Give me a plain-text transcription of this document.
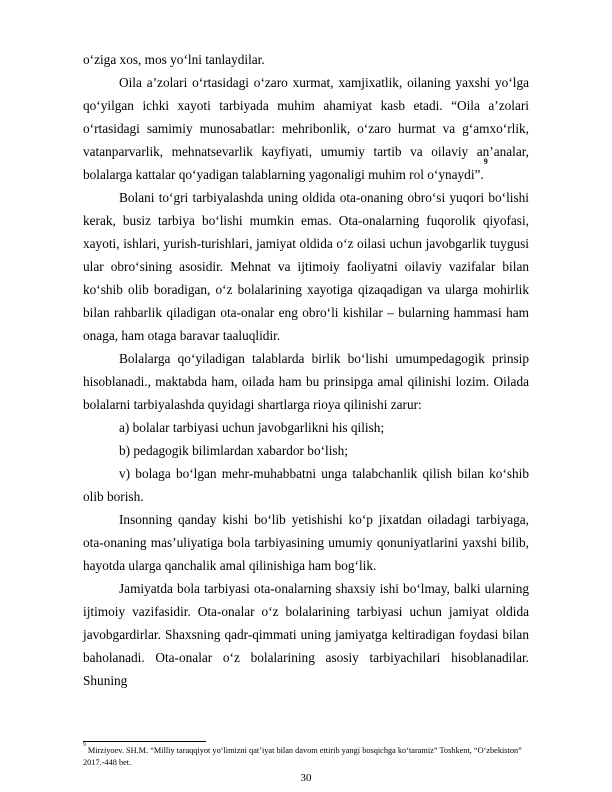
o‘ziga xos, mos yo‘lni tanlaydilar.

Oila a’zolari o‘rtasidagi o‘zaro xurmat, xamjixatlik, oilaning yaxshi yo‘lga qo‘yilgan ichki xayoti tarbiyada muhim ahamiyat kasb etadi. “Oila a’zolari o‘rtasidagi samimiy munosabatlar: mehribonlik, o‘zaro hurmat va g‘amxo‘rlik, vatanparvarlik, mehnatsevarlik kayfiyati, umumiy tartib va oilaviy an’analar, bolalarga kattalar qo‘yadigan talablarning yagonaligi muhim rol o‘ynaydi”.$^9$

Bolani to‘gri tarbiyalashda uning oldida ota-onaning obro‘si yuqori bo‘lishi kerak, busiz tarbiya bo‘lishi mumkin emas. Ota-onalarning fuqorolik qiyofasi, xayoti, ishlari, yurish-turishlari, jamiyat oldida o‘z oilasi uchun javobgarlik tuygusi ular obro‘sining asosidir. Mehnat va ijtimoiy faoliyatni oilaviy vazifalar bilan ko‘shib olib boradigan, o‘z bolalarining xayotiga qizaqadigan va ularga mohirlik bilan rahbarlik qiladigan ota-onalar eng obro‘li kishilar – bularning hammasi ham onaga, ham otaga baravar taaluqlidir.

Bolalarga qo‘yiladigan talablarda birlik bo‘lishi umumpedagogik prinsip hisoblanadi., maktabda ham, oilada ham bu prinsipga amal qilinishi lozim. Oilada bolalarni tarbiyalashda quyidagi shartlarga rioya qilinishi zarur:

a) bolalar tarbiyasi uchun javobgarlikni his qilish;

b) pedagogik bilimlardan xabardor bo‘lish;

v) bolaga bo‘lgan mehr-muhabbatni unga talabchanlik qilish bilan ko‘shib olib borish.

Insonning qanday kishi bo‘lib yetishishi ko‘p jixatdan oiladagi tarbiyaga, ota-onaning mas’uliyatiga bola tarbiyasining umumiy qonuniyatlarini yaxshi bilib, hayotda ularga qanchalik amal qilinishiga ham bog‘lik.

Jamiyatda bola tarbiyasi ota-onalarning shaxsiy ishi bo‘lmay, balki ularning ijtimoiy vazifasidir. Ota-onalar o‘z bolalarining tarbiyasi uchun jamiyat oldida javobgardirlar. Shaxsning qadr-qimmati uning jamiyatga keltiradigan foydasi bilan baholanadi. Ota-onalar o‘z bolalarining asosiy tarbiyachilari hisoblanadilar. Shuning

$^9$ Mirziyoev. SH.M. “Milliy taraqqiyot yo‘limizni qat’iyat bilan davom ettirib yangi bosqichga ko‘taramiz” Toshkent, “O‘zbekiston” 2017.-448 bet.
30
